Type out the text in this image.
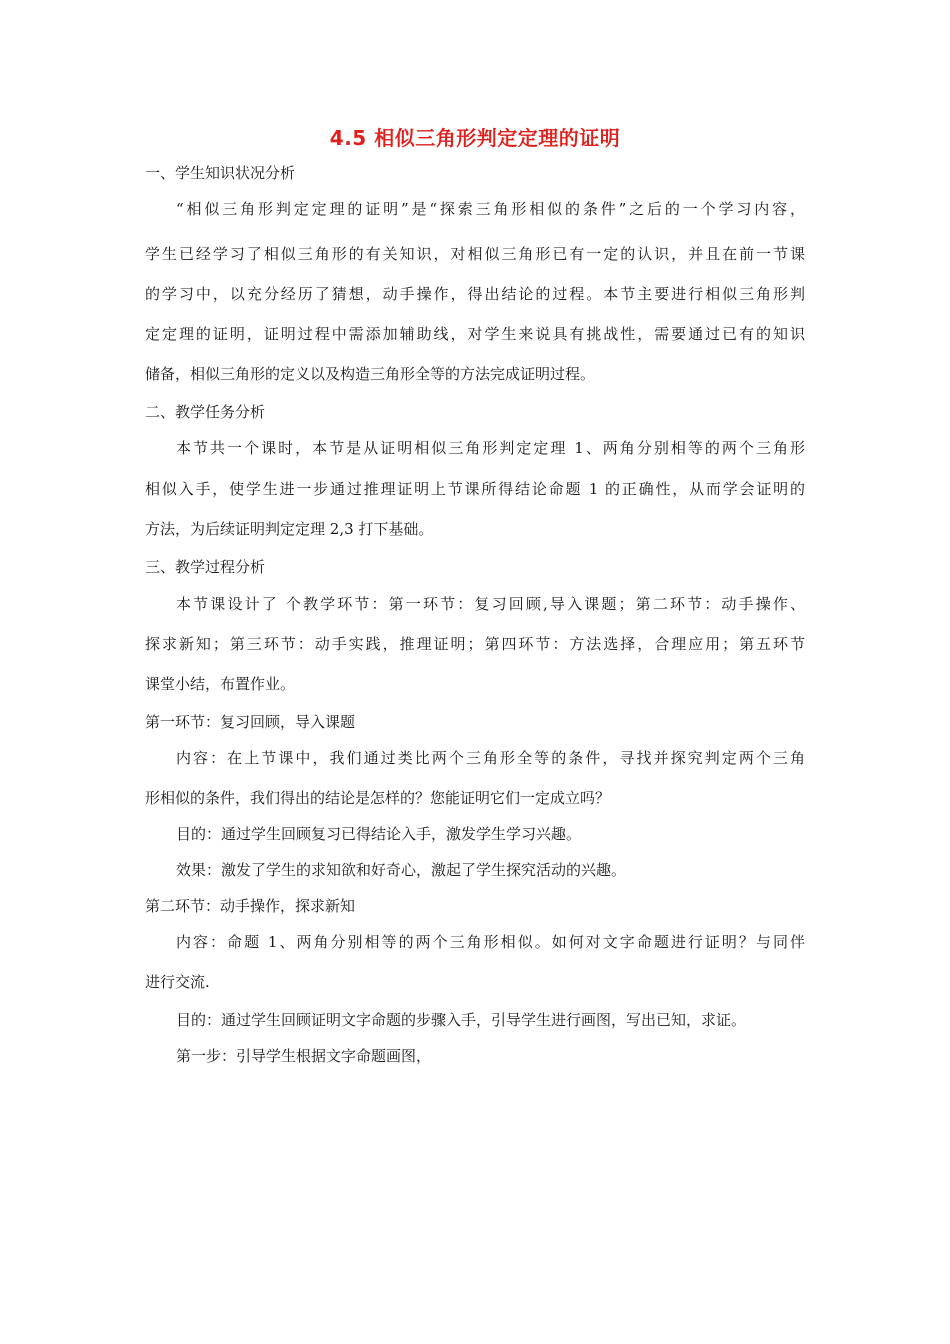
4.5 相似三角形判定定理的证明
一、学生知识状况分析
“相似三角形判定定理的证明”是“探索三角形相似的条件”之后的一个学习内容，
学生已经学习了相似三角形的有关知识，对相似三角形已有一定的认识，并且在前一节课
的学习中，以充分经历了猜想，动手操作，得出结论的过程。本节主要进行相似三角形判
定定理的证明，证明过程中需添加辅助线，对学生来说具有挑战性，需要通过已有的知识
储备，相似三角形的定义以及构造三角形全等的方法完成证明过程。
二、教学任务分析
本节共一个课时，本节是从证明相似三角形判定定理 1、两角分别相等的两个三角形
相似入手，使学生进一步通过推理证明上节课所得结论命题 1 的正确性，从而学会证明的
方法，为后续证明判定定理 2,3 打下基础。
三、教学过程分析
本节课设计了 个教学环节：第一环节：复习回顾,导入课题；第二环节：动手操作、
探求新知；第三环节：动手实践，推理证明；第四环节：方法选择，合理应用；第五环节
课堂小结，布置作业。
第一环节：复习回顾，导入课题
内容：在上节课中，我们通过类比两个三角形全等的条件，寻找并探究判定两个三角
形相似的条件，我们得出的结论是怎样的？您能证明它们一定成立吗？
目的：通过学生回顾复习已得结论入手，激发学生学习兴趣。
效果：激发了学生的求知欲和好奇心，激起了学生探究活动的兴趣。
第二环节：动手操作，探求新知
内容：命题 1、两角分别相等的两个三角形相似。如何对文字命题进行证明？与同伴
进行交流.
目的：通过学生回顾证明文字命题的步骤入手，引导学生进行画图，写出已知，求证。
第一步：引导学生根据文字命题画图，
